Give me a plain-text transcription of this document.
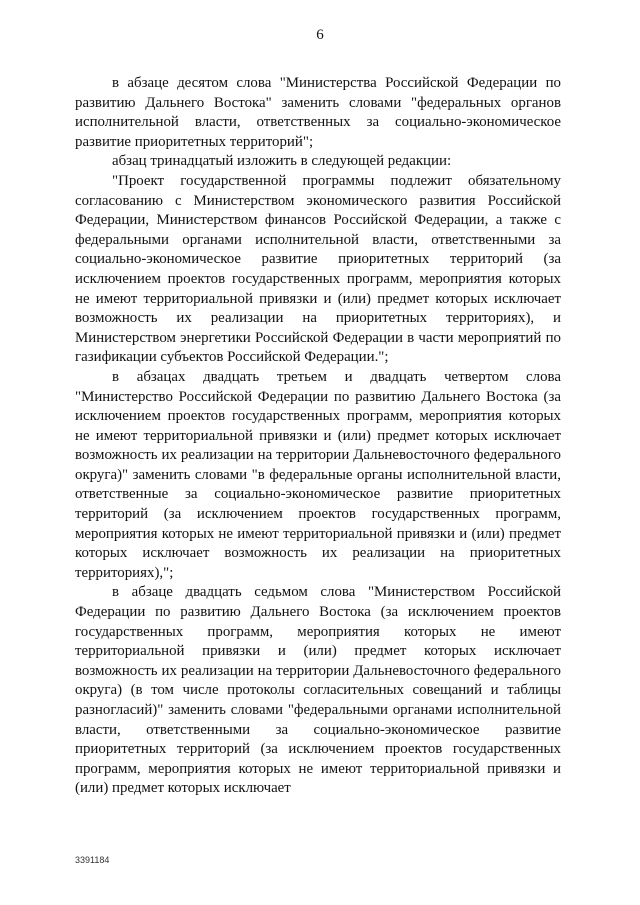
6

в абзаце десятом слова "Министерства Российской Федерации по развитию Дальнего Востока" заменить словами "федеральных органов исполнительной власти, ответственных за социально-экономическое развитие приоритетных территорий";

абзац тринадцатый изложить в следующей редакции:

"Проект государственной программы подлежит обязательному согласованию с Министерством экономического развития Российской Федерации, Министерством финансов Российской Федерации, а также с федеральными органами исполнительной власти, ответственными за социально-экономическое развитие приоритетных территорий (за исключением проектов государственных программ, мероприятия которых не имеют территориальной привязки и (или) предмет которых исключает возможность их реализации на приоритетных территориях), и Министерством энергетики Российской Федерации в части мероприятий по газификации субъектов Российской Федерации.";

в абзацах двадцать третьем и двадцать четвертом слова "Министерство Российской Федерации по развитию Дальнего Востока (за исключением проектов государственных программ, мероприятия которых не имеют территориальной привязки и (или) предмет которых исключает возможность их реализации на территории Дальневосточного федерального округа)" заменить словами "в федеральные органы исполнительной власти, ответственные за социально-экономическое развитие приоритетных территорий (за исключением проектов государственных программ, мероприятия которых не имеют территориальной привязки и (или) предмет которых исключает возможность их реализации на приоритетных территориях),";

в абзаце двадцать седьмом слова "Министерством Российской Федерации по развитию Дальнего Востока (за исключением проектов государственных программ, мероприятия которых не имеют территориальной привязки и (или) предмет которых исключает возможность их реализации на территории Дальневосточного федерального округа) (в том числе протоколы согласительных совещаний и таблицы разногласий)" заменить словами "федеральными органами исполнительной власти, ответственными за социально-экономическое развитие приоритетных территорий (за исключением проектов государственных программ, мероприятия которых не имеют территориальной привязки и (или) предмет которых исключает

3391184
